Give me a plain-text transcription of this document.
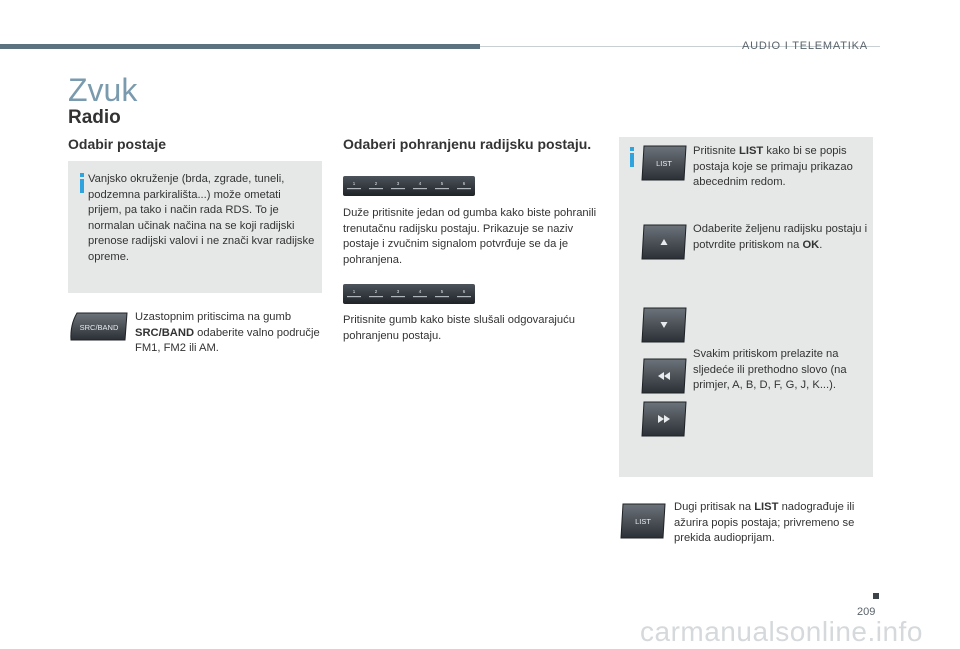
AUDIO I TELEMATIKA
Zvuk
Radio
Odabir postaje	Odaberi pohranjenu radijsku postaju.
Vanjsko okruženje (brda, zgrade, tuneli, podzemna parkirališta...) može ometati prijem, pa tako i način rada RDS. To je normalan učinak načina na se koji radijski prenose radijski valovi i ne znači kvar radijske opreme.
SRC/BAND
Uzastopnim pritiscima na gumb SRC/BAND odaberite valno područje FM1, FM2 ili AM.
1	2	3	4	5	6
Duže pritisnite jedan od gumba kako biste pohranili trenutačnu radijsku postaju. Prikazuje se naziv postaje i zvučnim signalom potvrđuje se da je pohranjena.
1	2	3	4	5	6
Pritisnite gumb kako biste slušali odgovarajuću pohranjenu postaju.
LIST
Pritisnite LIST kako bi se popis postaja koje se primaju prikazao abecednim redom.
Odaberite željenu radijsku postaju i potvrdite pritiskom na OK.
Svakim pritiskom prelazite na sljedeće ili prethodno slovo (na primjer, A, B, D, F, G, J, K...).
LIST
Dugi pritisak na LIST nadograđuje ili ažurira popis postaja; privremeno se prekida audioprijam.
209
carmanualsonline.info
